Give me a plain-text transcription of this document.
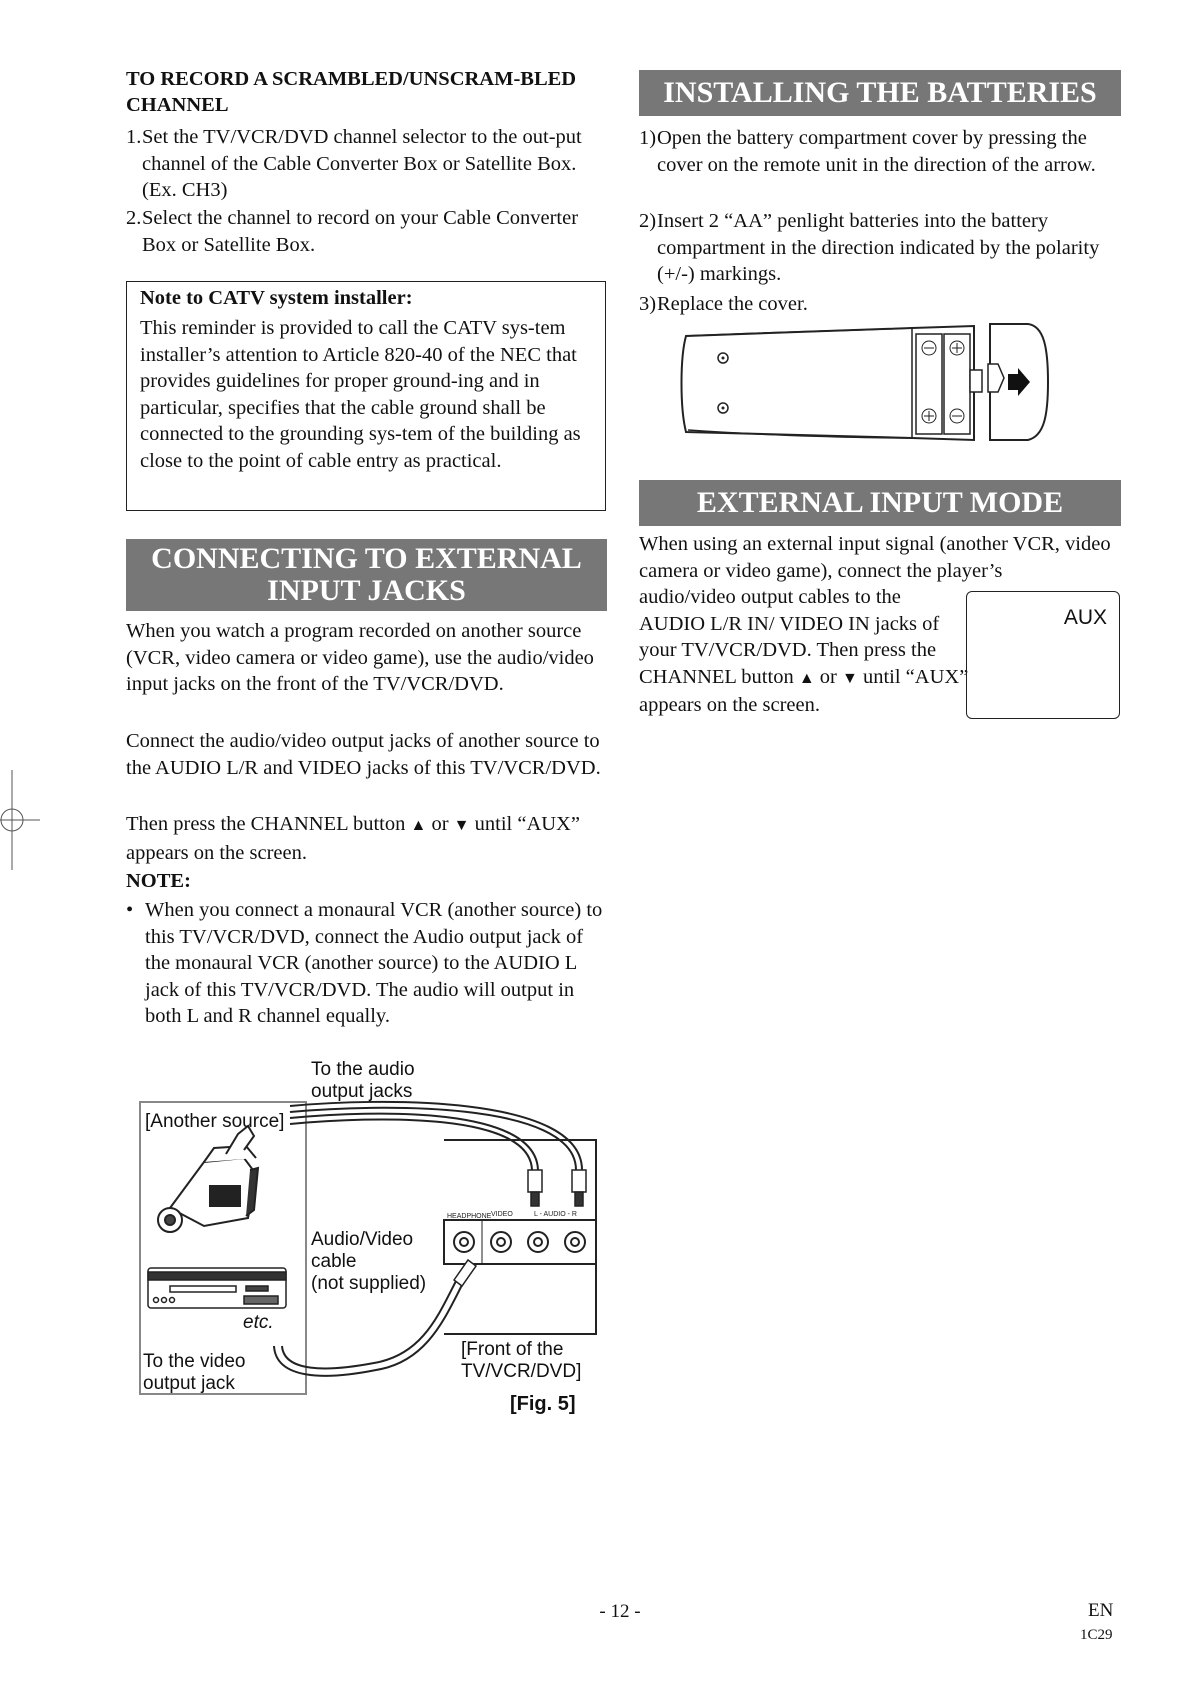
TO RECORD A SCRAMBLED/UNSCRAM-BLED CHANNEL
1. Set the TV/VCR/DVD channel selector to the out-put channel of the Cable Converter Box or Satellite Box. (Ex. CH3)
2. Select the channel to record on your Cable Converter Box or Satellite Box.
Note to CATV system installer:
This reminder is provided to call the CATV sys-tem installer’s attention to Article 820-40 of the NEC that provides guidelines for proper ground-ing and in particular, specifies that the cable ground shall be connected to the grounding sys-tem of the building as close to the point of cable entry as practical.
CONNECTING TO EXTERNAL
INPUT JACKS
When you watch a program recorded on another source (VCR, video camera or video game), use the audio/video input jacks on the front of the TV/VCR/DVD.
Connect the audio/video output jacks of another source to the AUDIO L/R and VIDEO jacks of this TV/VCR/DVD.
Then press the CHANNEL button ▲ or ▼ until “AUX” appears on the screen.
NOTE:
• When you connect a monaural VCR (another source) to this TV/VCR/DVD, connect the Audio output jack of the monaural VCR (another source) to the AUDIO L jack of this TV/VCR/DVD. The audio will output in both L and R channel equally.
HEADPHONE VIDEO	L - AUDIO - R
[Another source]
etc.
To the audio
output jacks
Audio/Video
cable
(not supplied)
To the video
output jack
[Front of the
TV/VCR/DVD]
[Fig. 5]
INSTALLING THE BATTERIES
1) Open the battery compartment cover by pressing the cover on the remote unit in the direction of the arrow.
2) Insert 2 “AA” penlight batteries into the battery compartment in the direction indicated by the polarity (+/-) markings.
3) Replace the cover.
EXTERNAL INPUT MODE
When using an external input signal (another VCR, video camera or video game), connect the player’s
audio/video output cables to the AUDIO L/R IN/ VIDEO IN jacks of your TV/VCR/DVD. Then press the CHANNEL button ▲ or ▼ until “AUX” appears on the screen.
AUX
- 12 -	EN
1C29
